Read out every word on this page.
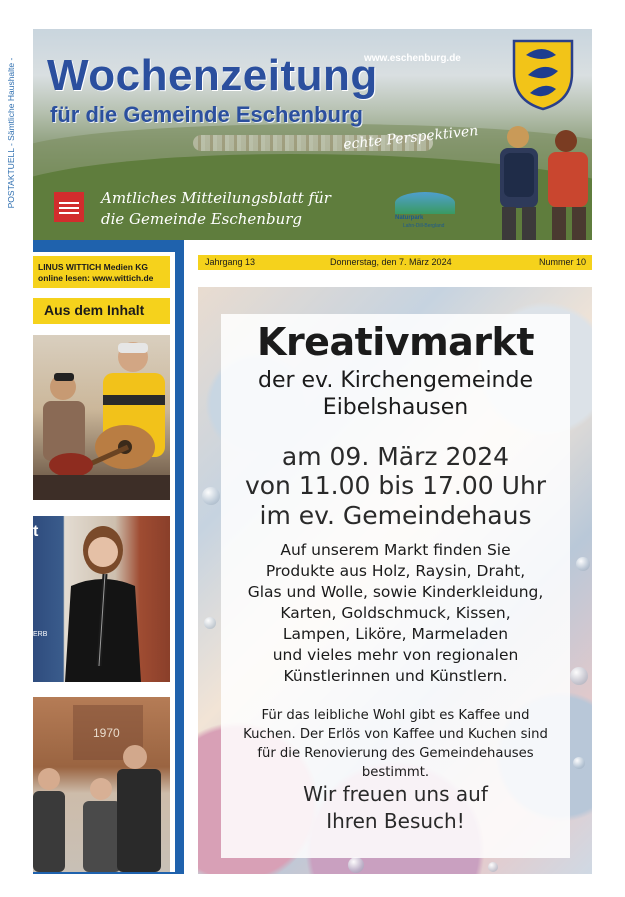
POSTAKTUELL - Sämtliche Haushalte -	www.eschenburg.de
Wochenzeitung
für die Gemeinde Eschenburg
echte Perspektiven
Amtliches Mitteilungsblatt für
die Gemeinde Eschenburg	Naturpark
Lahn-Dill-Bergland
LINUS WITTICH Medien KG
online lesen: www.wittich.de
Aus dem Inhalt
t
ERB
1970
Jahrgang 13	Donnerstag, den 7. März 2024	Nummer 10
Kreativmarkt
der ev. Kirchengemeinde
Eibelshausen
am 09. März 2024
von 11.00 bis 17.00 Uhr
im ev. Gemeindehaus
Auf unserem Markt finden Sie
Produkte aus Holz, Raysin, Draht,
Glas und Wolle, sowie Kinderkleidung,
Karten, Goldschmuck, Kissen,
Lampen, Liköre, Marmeladen
und vieles mehr von regionalen
Künstlerinnen und Künstlern.
Für das leibliche Wohl gibt es Kaffee und
Kuchen. Der Erlös von Kaffee und Kuchen sind
für die Renovierung des Gemeindehauses
bestimmt.
Wir freuen uns auf
Ihren Besuch!
